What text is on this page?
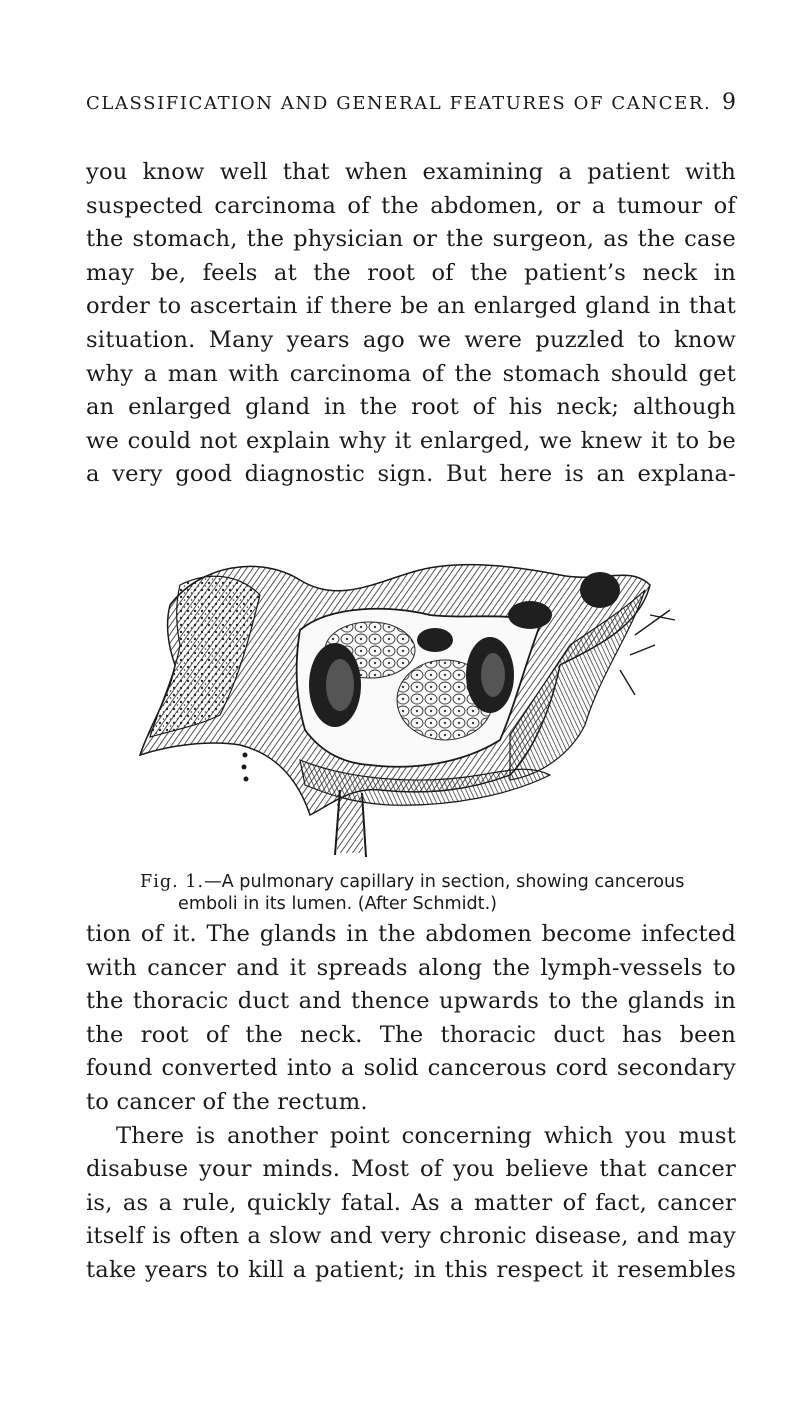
CLASSIFICATION AND GENERAL FEATURES OF CANCER. 9
you know well that when examining a patient with
suspected carcinoma of the abdomen, or a tumour of
the stomach, the physician or the surgeon, as the case
may be, feels at the root of the patient’s neck in
order to ascertain if there be an enlarged gland in that
situation. Many years ago we were puzzled to know
why a man with carcinoma of the stomach should get
an enlarged gland in the root of his neck; although
we could not explain why it enlarged, we knew it to be
a very good diagnostic sign. But here is an explana-
Fig. 1.—A pulmonary capillary in section, showing cancerous
emboli in its lumen. (After Schmidt.)
tion of it. The glands in the abdomen become infected
with cancer and it spreads along the lymph-vessels to
the thoracic duct and thence upwards to the glands in
the root of the neck. The thoracic duct has been
found converted into a solid cancerous cord secondary
to cancer of the rectum.
There is another point concerning which you must
disabuse your minds. Most of you believe that cancer
is, as a rule, quickly fatal. As a matter of fact, cancer
itself is often a slow and very chronic disease, and may
take years to kill a patient; in this respect it resembles
